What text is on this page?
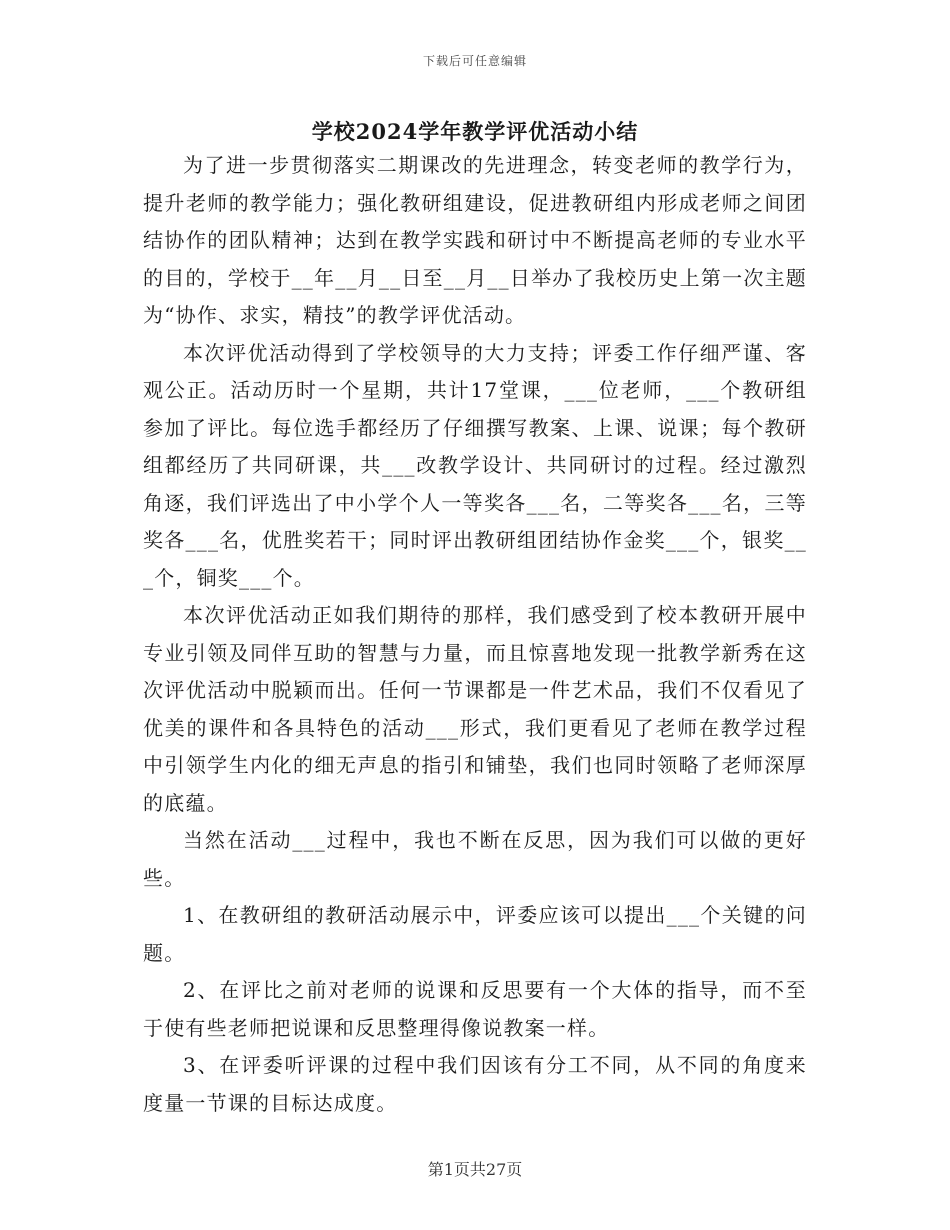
下载后可任意编辑
学校2024学年教学评优活动小结

为了进一步贯彻落实二期课改的先进理念，转变老师的教学行为，提升老师的教学能力；强化教研组建设，促进教研组内形成老师之间团结协作的团队精神；达到在教学实践和研讨中不断提高老师的专业水平的目的，学校于__年__月__日至__月__日举办了我校历史上第一次主题为“协作、求实，精技”的教学评优活动。

本次评优活动得到了学校领导的大力支持；评委工作仔细严谨、客观公正。活动历时一个星期，共计17堂课，___位老师，___个教研组参加了评比。每位选手都经历了仔细撰写教案、上课、说课；每个教研组都经历了共同研课，共___改教学设计、共同研讨的过程。经过激烈角逐，我们评选出了中小学个人一等奖各___名，二等奖各___名，三等奖各___名，优胜奖若干；同时评出教研组团结协作金奖___个，银奖___个，铜奖___个。

本次评优活动正如我们期待的那样，我们感受到了校本教研开展中专业引领及同伴互助的智慧与力量，而且惊喜地发现一批教学新秀在这次评优活动中脱颖而出。任何一节课都是一件艺术品，我们不仅看见了优美的课件和各具特色的活动___形式，我们更看见了老师在教学过程中引领学生内化的细无声息的指引和铺垫，我们也同时领略了老师深厚的底蕴。

当然在活动___过程中，我也不断在反思，因为我们可以做的更好些。

1、在教研组的教研活动展示中，评委应该可以提出___个关键的问题。

2、在评比之前对老师的说课和反思要有一个大体的指导，而不至于使有些老师把说课和反思整理得像说教案一样。

3、在评委听评课的过程中我们因该有分工不同，从不同的角度来度量一节课的目标达成度。

第1页共27页
